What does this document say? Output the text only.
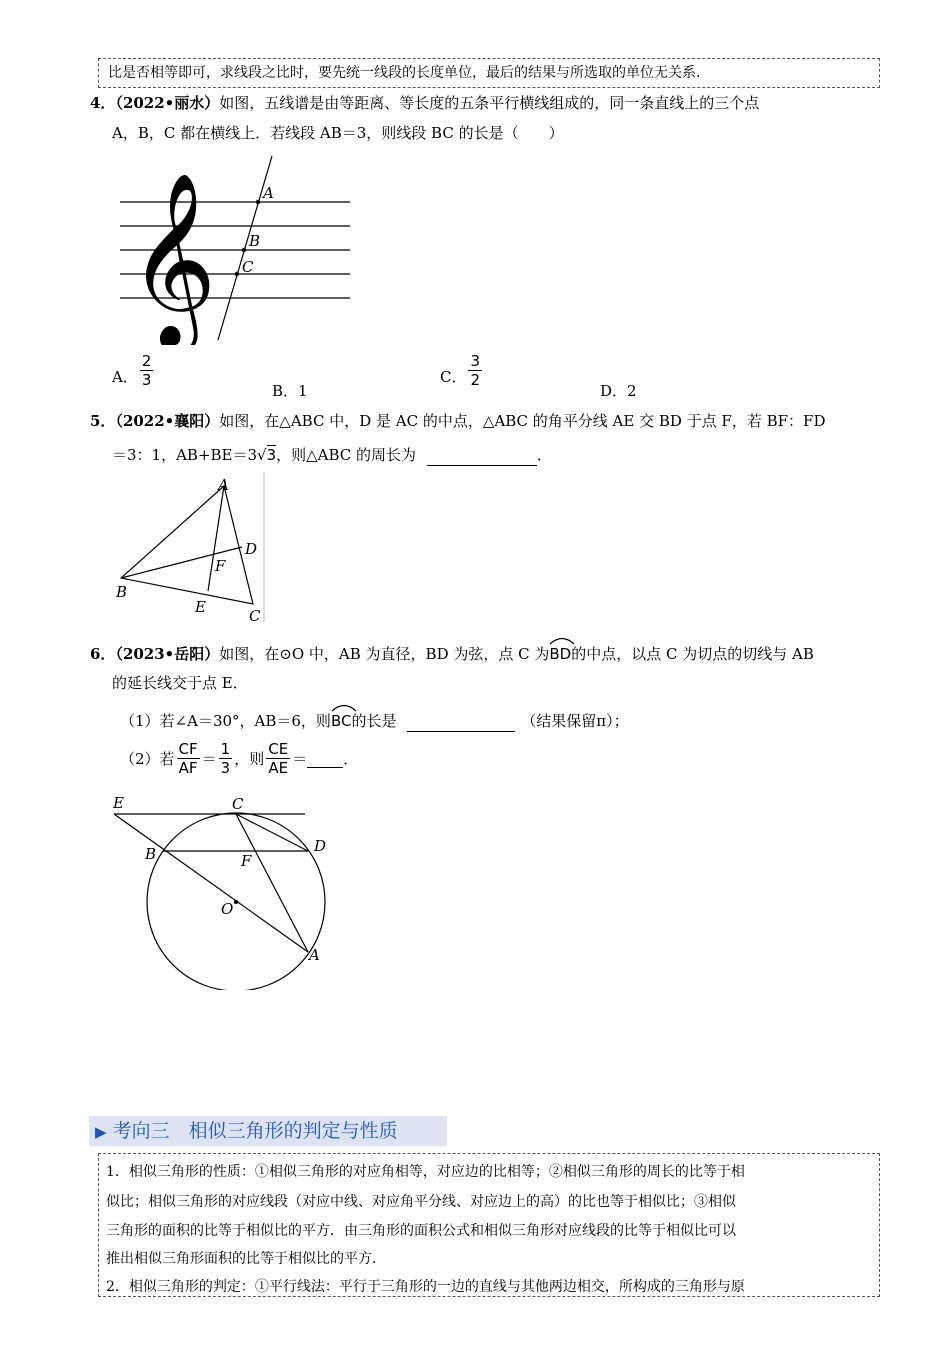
比是否相等即可，求线段之比时，要先统一线段的长度单位，最后的结果与所选取的单位无关系．
4．（2022•丽水）如图，五线谱是由等距离、等长度的五条平行横线组成的，同一条直线上的三个点
A，B，C 都在横线上．若线段 AB＝3，则线段 BC 的长是（　　）
𝄞	A
B
C
A． $\frac{2}{3}$
B．1
C． $\frac{3}{2}$
D．2
5．（2022•襄阳）如图，在△ABC 中，D 是 AC 的中点，△ABC 的角平分线 AE 交 BD 于点 F，若 BF：FD
＝3：1，AB+BE＝3√3，则△ABC 的周长为	．
A
B
C
D
E
F
6．（2023•岳阳）如图，在⊙O 中，AB 为直径，BD 为弦，点 C 为
BD的中点，以点 C 为切点的切线与 AB
的延长线交于点 E．
（1）若∠A＝30°，AB＝6，则
BC的长是	（结果保留π）；
（2）若 $\frac{CF}{AF} = \frac{1}{3}$ ，则 $\frac{CE}{AE}$ ＝ ．
E	C
D
B	F
O
A
▶ 考向三　相似三角形的判定与性质
1．相似三角形的性质：①相似三角形的对应角相等，对应边的比相等；②相似三角形的周长的比等于相
似比；相似三角形的对应线段（对应中线、对应角平分线、对应边上的高）的比也等于相似比；③相似
三角形的面积的比等于相似比的平方．由三角形的面积公式和相似三角形对应线段的比等于相似比可以
推出相似三角形面积的比等于相似比的平方．
2．相似三角形的判定：①平行线法：平行于三角形的一边的直线与其他两边相交，所构成的三角形与原
